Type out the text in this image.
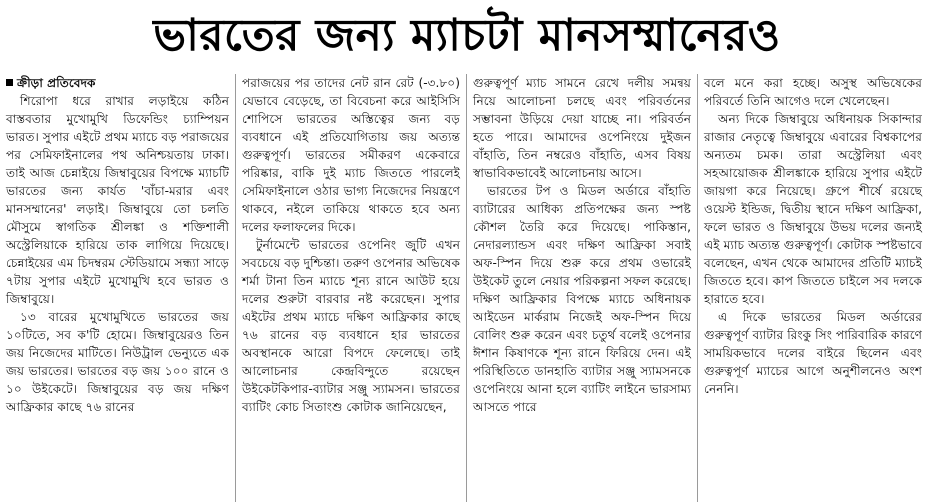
ভারতের জন্য ম্যাচটা মানসম্মানেরও

ক্রীড়া প্রতিবেদক

শিরোপা ধরে রাখার লড়াইয়ে কঠিন বাস্তবতার মুখোমুখি ডিফেন্ডিং চ্যাম্পিয়ন ভারত। সুপার এইটে প্রথম ম্যাচে বড় পরাজয়ের পর সেমিফাইনালের পথ অনিশ্চয়তায় ঢাকা। তাই আজ চেন্নাইয়ে জিম্বাবুয়ের বিপক্ষে ম্যাচটি ভারতের জন্য কার্যত 'বাঁচা-মরার এবং মানসম্মানের' লড়াই। জিম্বাবুয়ে তো চলতি মৌসুমে স্বাগতিক শ্রীলঙ্কা ও শক্তিশালী অস্ট্রেলিয়াকে হারিয়ে তাক লাগিয়ে দিয়েছে। চেন্নাইয়ের এম চিদম্বরম স্টেডিয়ামে সন্ধ্যা সাড়ে ৭টায় সুপার এইটে মুখোমুখি হবে ভারত ও জিম্বাবুয়ে।

১৩ বারের মুখোমুখিতে ভারতের জয় ১০টিতে, সব ক'টি হোমে। জিম্বাবুয়েরও তিন জয় নিজেদের মাটিতে। নিউট্রাল ভেন্যুতে এক জয় ভারতের। ভারতের বড় জয় ১০০ রানে ও ১০ উইকেটে। জিম্বাবুয়ের বড় জয় দক্ষিণ আফ্রিকার কাছে ৭৬ রানের

পরাজয়ের পর তাদের নেট রান রেট (-৩.৮০) যেভাবে বেড়েছে, তা বিবেচনা করে আইসিসি শোপিসে ভারতের অস্তিত্বের জন্য বড় ব্যবধানে এই প্রতিযোগিতায় জয় অত্যন্ত গুরুত্বপূর্ণ। ভারতের সমীকরণ একেবারে পরিষ্কার, বাকি দুই ম্যাচ জিততে পারলেই সেমিফাইনালে ওঠার ভাগ্য নিজেদের নিয়ন্ত্রণে থাকবে, নইলে তাকিয়ে থাকতে হবে অন্য দলের ফলাফলের দিকে।

টুর্নামেন্টে ভারতের ওপেনিং জুটি এখন সবচেয়ে বড় দুশ্চিন্তা। তরুণ ওপেনার অভিষেক শর্মা টানা তিন ম্যাচে শূন্য রানে আউট হয়ে দলের শুরুটা বারবার নষ্ট করেছেন। সুপার এইটের প্রথম ম্যাচে দক্ষিণ আফ্রিকার কাছে ৭৬ রানের বড় ব্যবধানে হার ভারতের অবস্থানকে আরো বিপদে ফেলেছে। তাই আলোচনার কেন্দ্রবিন্দুতে রয়েছেন উইকেটকিপার-ব্যাটার সঞ্জু স্যামসন। ভারতের ব্যাটিং কোচ সিতাংশু কোটাক জানিয়েছেন,

গুরুত্বপূর্ণ ম্যাচ সামনে রেখে দলীয় সমন্বয় নিয়ে আলোচনা চলছে এবং পরিবর্তনের সম্ভাবনা উড়িয়ে দেয়া যাচ্ছে না। পরিবর্তন হতে পারে। আমাদের ওপেনিংয়ে দুইজন বাঁহাতি, তিন নম্বরেও বাঁহাতি, এসব বিষয় স্বাভাবিকভাবেই আলোচনায় আসে।

ভারতের টপ ও মিডল অর্ডারে বাঁহাতি ব্যাটারের আধিক্য প্রতিপক্ষের জন্য স্পষ্ট কৌশল তৈরি করে দিয়েছে। পাকিস্তান, নেদারল্যান্ডস এবং দক্ষিণ আফ্রিকা সবাই অফ-স্পিন দিয়ে শুরু করে প্রথম ওভারেই উইকেট তুলে নেয়ার পরিকল্পনা সফল করেছে। দক্ষিণ আফ্রিকার বিপক্ষে ম্যাচে অধিনায়ক আইডেন মার্করাম নিজেই অফ-স্পিন দিয়ে বোলিং শুরু করেন এবং চতুর্থ বলেই ওপেনার ঈশান কিষাণকে শূন্য রানে ফিরিয়ে দেন। এই পরিস্থিতিতে ডানহাতি ব্যাটার সঞ্জু স্যামসনকে ওপেনিংয়ে আনা হলে ব্যাটিং লাইনে ভারসাম্য আসতে পারে

বলে মনে করা হচ্ছে। অসুস্থ অভিষেকের পরিবর্তে তিনি আগেও দলে খেলেছেন।

অন্য দিকে জিম্বাবুয়ে অধিনায়ক সিকান্দার রাজার নেতৃত্বে জিম্বাবুয়ে এবারের বিশ্বকাপের অন্যতম চমক। তারা অস্ট্রেলিয়া এবং সহআয়োজক শ্রীলঙ্কাকে হারিয়ে সুপার এইটে জায়গা করে নিয়েছে। গ্রুপে শীর্ষে রয়েছে ওয়েস্ট ইন্ডিজ, দ্বিতীয় স্থানে দক্ষিণ আফ্রিকা, ফলে ভারত ও জিম্বাবুয়ে উভয় দলের জন্যই এই ম্যাচ অত্যন্ত গুরুত্বপূর্ণ। কোটাক স্পষ্টভাবে বলেছেন, এখন থেকে আমাদের প্রতিটি ম্যাচই জিততে হবে। কাপ জিততে চাইলে সব দলকে হারাতে হবে।

এ দিকে ভারতের মিডল অর্ডারের গুরুত্বপূর্ণ ব্যাটার রিংকু সিং পারিবারিক কারণে সাময়িকভাবে দলের বাইরে ছিলেন এবং গুরুত্বপূর্ণ ম্যাচের আগে অনুশীলনেও অংশ নেননি।
